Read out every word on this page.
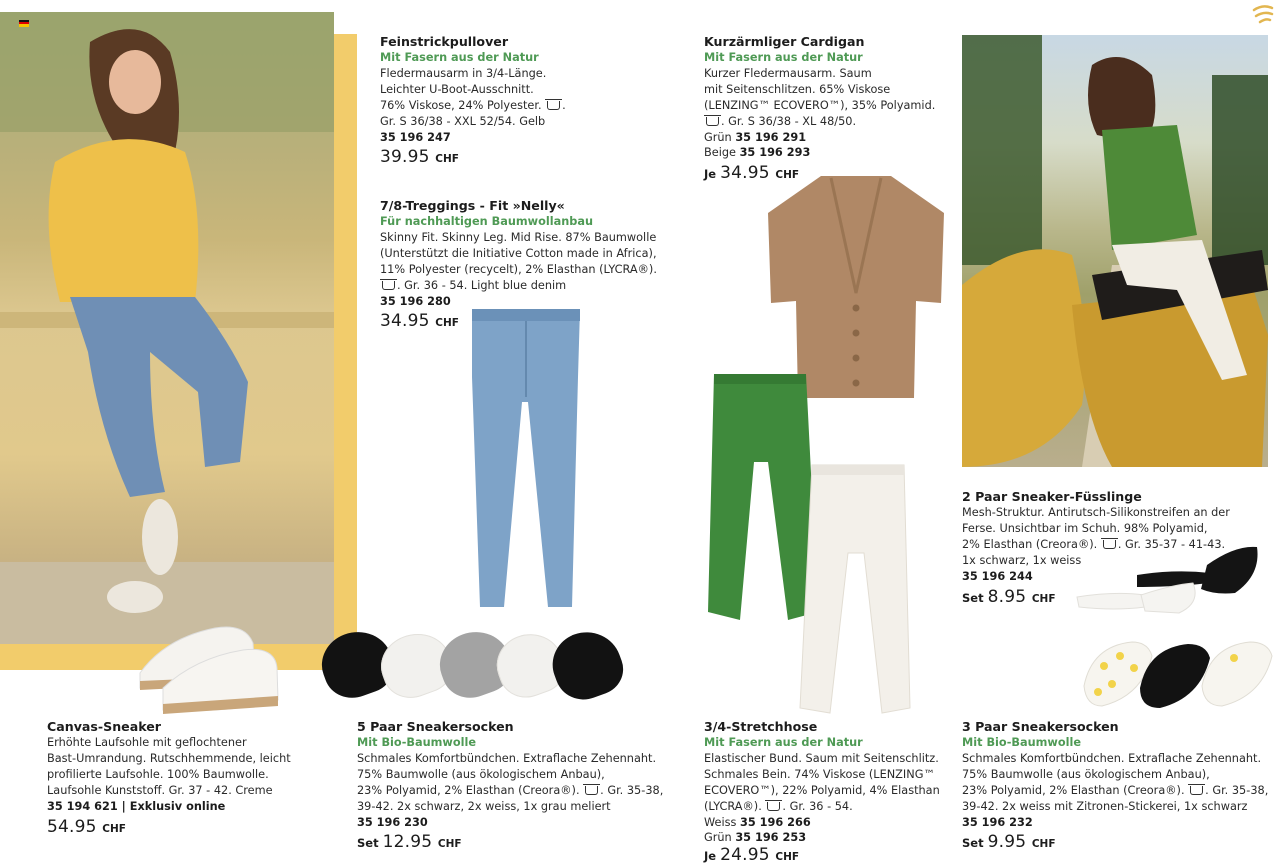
Feinstrickpullover
Mit Fasern aus der Natur
Fledermausarm in 3/4-Länge.
Leichter U-Boot-Ausschnitt.
76% Viskose, 24% Polyester. .
Gr. S 36/38 - XXL 52/54. Gelb
35 196 247
39.95 CHF
7/8-Treggings - Fit »Nelly«
Für nachhaltigen Baumwollanbau
Skinny Fit. Skinny Leg. Mid Rise. 87% Baumwolle
(Unterstützt die Initiative Cotton made in Africa),
11% Polyester (recycelt), 2% Elasthan (LYCRA®).
. Gr. 36 - 54. Light blue denim
35 196 280
34.95 CHF
Kurzärmliger Cardigan
Mit Fasern aus der Natur
Kurzer Fledermausarm. Saum
mit Seitenschlitzen. 65% Viskose
(LENZING™ ECOVERO™), 35% Polyamid.
. Gr. S 36/38 - XL 48/50.
Grün 35 196 291
Beige 35 196 293
Je 34.95 CHF
2 Paar Sneaker-Füsslinge
Mesh-Struktur. Antirutsch-Silikonstreifen an der
Ferse. Unsichtbar im Schuh. 98% Polyamid,
2% Elasthan (Creora®). . Gr. 35-37 - 41-43.
1x schwarz, 1x weiss
35 196 244
Set 8.95 CHF
Canvas-Sneaker
Erhöhte Laufsohle mit geflochtener
Bast-Umrandung. Rutschhemmende, leicht
profilierte Laufsohle. 100% Baumwolle.
Laufsohle Kunststoff. Gr. 37 - 42. Creme
35 194 621 | Exklusiv online
54.95 CHF
5 Paar Sneakersocken
Mit Bio-Baumwolle
Schmales Komfortbündchen. Extraflache Zehennaht.
75% Baumwolle (aus ökologischem Anbau),
23% Polyamid, 2% Elasthan (Creora®). . Gr. 35-38,
39-42. 2x schwarz, 2x weiss, 1x grau meliert
35 196 230
Set 12.95 CHF
3/4-Stretchhose
Mit Fasern aus der Natur
Elastischer Bund. Saum mit Seitenschlitz.
Schmales Bein. 74% Viskose (LENZING™
ECOVERO™), 22% Polyamid, 4% Elasthan
(LYCRA®). . Gr. 36 - 54.
Weiss 35 196 266
Grün 35 196 253
Je 24.95 CHF
3 Paar Sneakersocken
Mit Bio-Baumwolle
Schmales Komfortbündchen. Extraflache Zehennaht.
75% Baumwolle (aus ökologischem Anbau),
23% Polyamid, 2% Elasthan (Creora®). . Gr. 35-38,
39-42. 2x weiss mit Zitronen-Stickerei, 1x schwarz
35 196 232
Set 9.95 CHF
